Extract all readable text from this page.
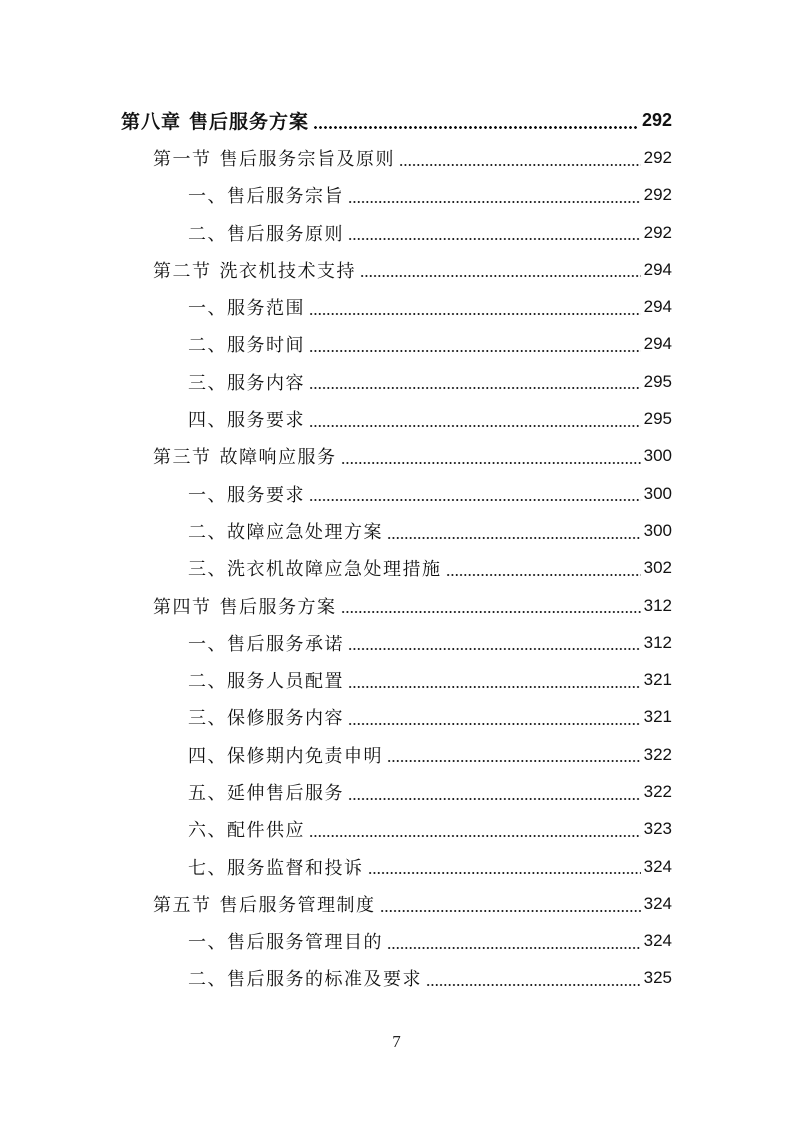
第八章 售后服务方案	292
第一节 售后服务宗旨及原则	292
一、售后服务宗旨	292
二、售后服务原则	292
第二节 洗衣机技术支持	294
一、服务范围	294
二、服务时间	294
三、服务内容	295
四、服务要求	295
第三节 故障响应服务	300
一、服务要求	300
二、故障应急处理方案	300
三、洗衣机故障应急处理措施	302
第四节 售后服务方案	312
一、售后服务承诺	312
二、服务人员配置	321
三、保修服务内容	321
四、保修期内免责申明	322
五、延伸售后服务	322
六、配件供应	323
七、服务监督和投诉	324
第五节 售后服务管理制度	324
一、售后服务管理目的	324
二、售后服务的标准及要求	325
7
